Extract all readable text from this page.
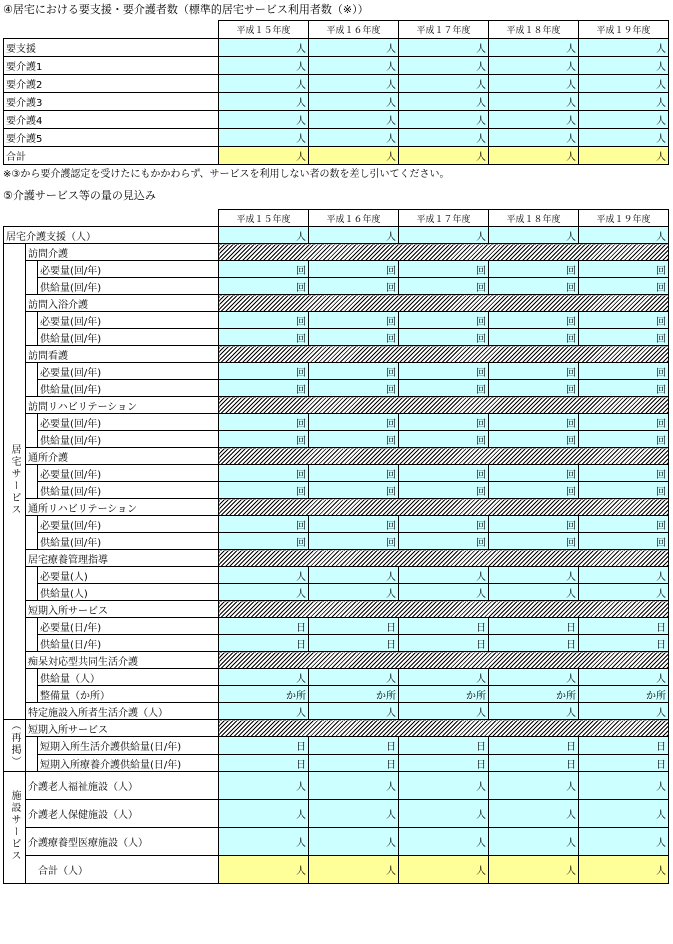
④居宅における要支援・要介護者数（標準的居宅サービス利用者数（※））
	平成１５年度	平成１６年度	平成１７年度	平成１８年度	平成１９年度
要支援	人	人	人	人	人
要介護1	人	人	人	人	人
要介護2	人	人	人	人	人
要介護3	人	人	人	人	人
要介護4	人	人	人	人	人
要介護5	人	人	人	人	人
合計	人	人	人	人	人
※③から要介護認定を受けたにもかかわらず、サービスを利用しない者の数を差し引いてください。
⑤介護サービス等の量の見込み
			平成１５年度	平成１６年度	平成１７年度	平成１８年度	平成１９年度
居宅介護支援（人）			人	人	人	人	人
居宅サービス	訪問介護						
		必要量(回/年)	回	回	回	回	回
		供給量(回/年)	回	回	回	回	回
	訪問入浴介護						
		必要量(回/年)	回	回	回	回	回
		供給量(回/年)	回	回	回	回	回
	訪問看護						
		必要量(回/年)	回	回	回	回	回
		供給量(回/年)	回	回	回	回	回
	訪問リハビリテーション						
		必要量(回/年)	回	回	回	回	回
		供給量(回/年)	回	回	回	回	回
	通所介護						
		必要量(回/年)	回	回	回	回	回
		供給量(回/年)	回	回	回	回	回
	通所リハビリテーション						
		必要量(回/年)	回	回	回	回	回
		供給量(回/年)	回	回	回	回	回
	居宅療養管理指導						
		必要量(人)	人	人	人	人	人
		供給量(人)	人	人	人	人	人
	短期入所サービス						
		必要量(日/年)	日	日	日	日	日
		供給量(日/年)	日	日	日	日	日
	痴呆対応型共同生活介護						
		供給量（人）	人	人	人	人	人
		整備量（か所）	か所	か所	か所	か所	か所
	特定施設入所者生活介護（人）		人	人	人	人	人
（再掲）	短期入所サービス						
		短期入所生活介護供給量(日/年)	日	日	日	日	日
		短期入所療養介護供給量(日/年)	日	日	日	日	日
施設サービス	介護老人福祉施設（人）		人	人	人	人	人
	介護老人保健施設（人）		人	人	人	人	人
	介護療養型医療施設（人）		人	人	人	人	人
	合計（人）		人	人	人	人	人
